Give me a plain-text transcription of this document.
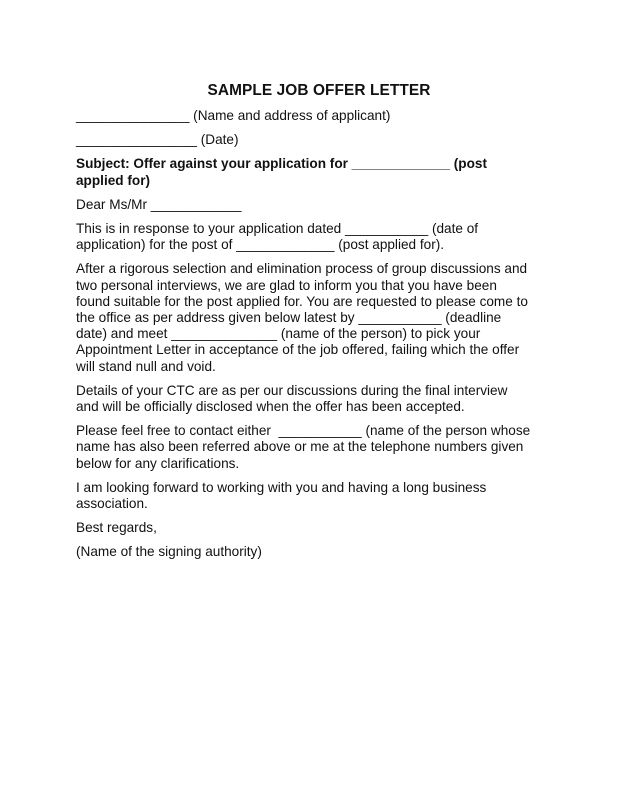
SAMPLE JOB OFFER LETTER
_______________ (Name and address of applicant)
________________ (Date)
Subject: Offer against your application for _____________ (post
applied for)
Dear Ms/Mr ____________
This is in response to your application dated ___________ (date of
application) for the post of _____________ (post applied for).
After a rigorous selection and elimination process of group discussions and
two personal interviews, we are glad to inform you that you have been
found suitable for the post applied for. You are requested to please come to
the office as per address given below latest by ___________ (deadline
date) and meet ______________ (name of the person) to pick your
Appointment Letter in acceptance of the job offered, failing which the offer
will stand null and void.
Details of your CTC are as per our discussions during the final interview
and will be officially disclosed when the offer has been accepted.
Please feel free to contact either  ___________ (name of the person whose
name has also been referred above or me at the telephone numbers given
below for any clarifications.
I am looking forward to working with you and having a long business
association.
Best regards,
(Name of the signing authority)
